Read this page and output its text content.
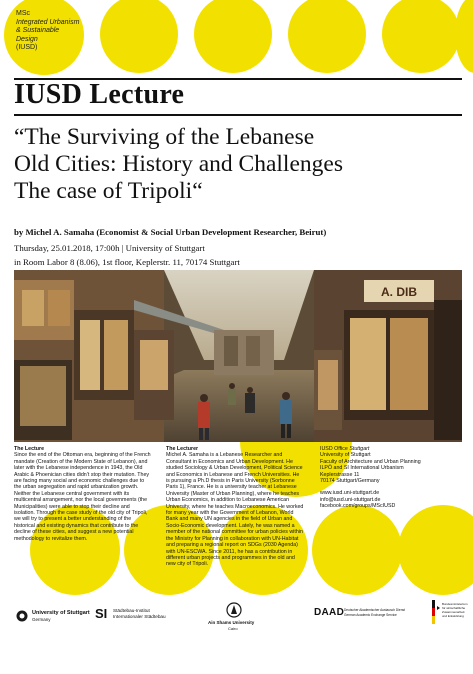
MSc
Integrated Urbanism
& Sustainable
Design
(IUSD)
IUSD Lecture
“The Surviving of the Lebanese
Old Cities: History and Challenges
The case of Tripoli“
by Michel A. Samaha (Economist & Social Urban Development Researcher, Beirut)
Thursday, 25.01.2018, 17:00h | University of Stuttgart
in Room Labor 8 (8.06), 1st floor, Keplerstr. 11, 70174 Stuttgart
A. DIB
The Lecture
Since the end of the Ottoman era, beginning of the French mandate (Creation of the Modern State of Lebanon), and later with the Lebanese independence in 1943, the Old Arabic & Phoenician cities didn’t stop their mutation. They are facing many social and economic challenges due to the urban segregation and rapid urbanization growth. Neither the Lebanese central government with its multicentral arrangement, nor the local governments (the Municipalities) were able to stop their decline and isolation. Through the case study of the old city of Tripoli, we will try to present a better understanding of the historical and existing dynamics that contribute to the decline of these cities, and suggest a new potential methodology to revitalize them.
The Lecturer
Michel A. Samaha is a Lebanese Researcher and Consultant in Economics and Urban Development. He studied Sociology & Urban Development, Political Science and Economics in Lebanese and French Universities. He is pursuing a Ph.D thesis in Paris University (Sorbonne Paris 1), France. He is a university teacher at Lebanese University (Master of Urban Planning), where he teaches Urban Economics, in addition to Lebanese American University, where he teaches Macroeconomics. He worked for many year with the Government of Lebanon, World Bank and many UN agencies in the field of Urban and Socio-Economic development. Lately, he was named a member of the national committee for urban policies within the Ministry for Planning in collaboration with UN-Habitat and preparing a regional report on SDGs (2030 Agenda) with UN-ESCWA. Since 2011, he has a contribution in different urban projects and programmes in the old and new city of Tripoli.
IUSD Office Stuttgart
University of Stuttgart
Faculty of Architecture and Urban Planning
ILPÖ and SI International Urbanism
Keplerstrasse 11
70174 Stuttgart/Germany
www.iusd.uni-stuttgart.de
info@iusd.uni-stuttgart.de
facebook.com/groups/MScIUSD
University of Stuttgart
Germany	SI Städtebau-Institut
Internationaler Städtebau
Ain Shams University
Cairo
DAAD Deutscher Akademischer Austausch Dienst
German Academic Exchange Service
Bundesministerium
für wirtschaftliche
Zusammenarbeit
und Entwicklung
